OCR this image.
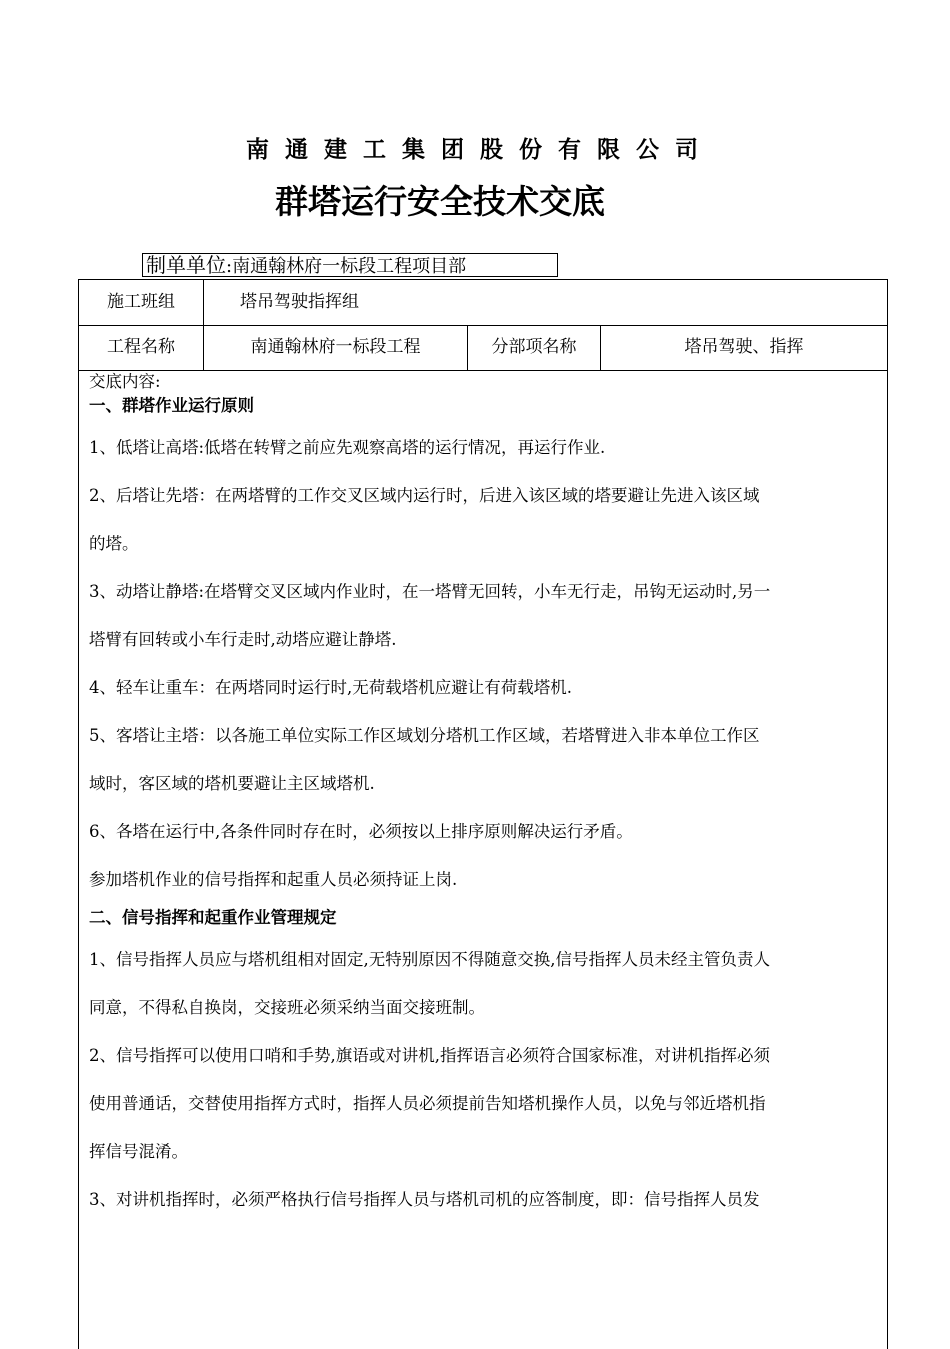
南通建工集团股份有限公司
群塔运行安全技术交底
制单单位:南通翰林府一标段工程项目部
施工班组	塔吊驾驶指挥组
工程名称	南通翰林府一标段工程	分部项名称	塔吊驾驶、指挥

交底内容:

一、群塔作业运行原则

1、低塔让高塔:低塔在转臂之前应先观察高塔的运行情况，再运行作业.
2、后塔让先塔：在两塔臂的工作交叉区域内运行时，后进入该区域的塔要避让先进入该区域
的塔。
3、动塔让静塔:在塔臂交叉区域内作业时，在一塔臂无回转，小车无行走，吊钩无运动时,另一
塔臂有回转或小车行走时,动塔应避让静塔.
4、轻车让重车：在两塔同时运行时,无荷载塔机应避让有荷载塔机.
5、客塔让主塔：以各施工单位实际工作区域划分塔机工作区域，若塔臂进入非本单位工作区
域时，客区域的塔机要避让主区域塔机.
6、各塔在运行中,各条件同时存在时，必须按以上排序原则解决运行矛盾。
参加塔机作业的信号指挥和起重人员必须持证上岗.

二、信号指挥和起重作业管理规定

1、信号指挥人员应与塔机组相对固定,无特别原因不得随意交换,信号指挥人员未经主管负责人
同意，不得私自换岗，交接班必须采纳当面交接班制。
2、信号指挥可以使用口哨和手势,旗语或对讲机,指挥语言必须符合国家标准，对讲机指挥必须
使用普通话，交替使用指挥方式时，指挥人员必须提前告知塔机操作人员，以免与邻近塔机指
挥信号混淆。
3、对讲机指挥时，必须严格执行信号指挥人员与塔机司机的应答制度，即：信号指挥人员发
